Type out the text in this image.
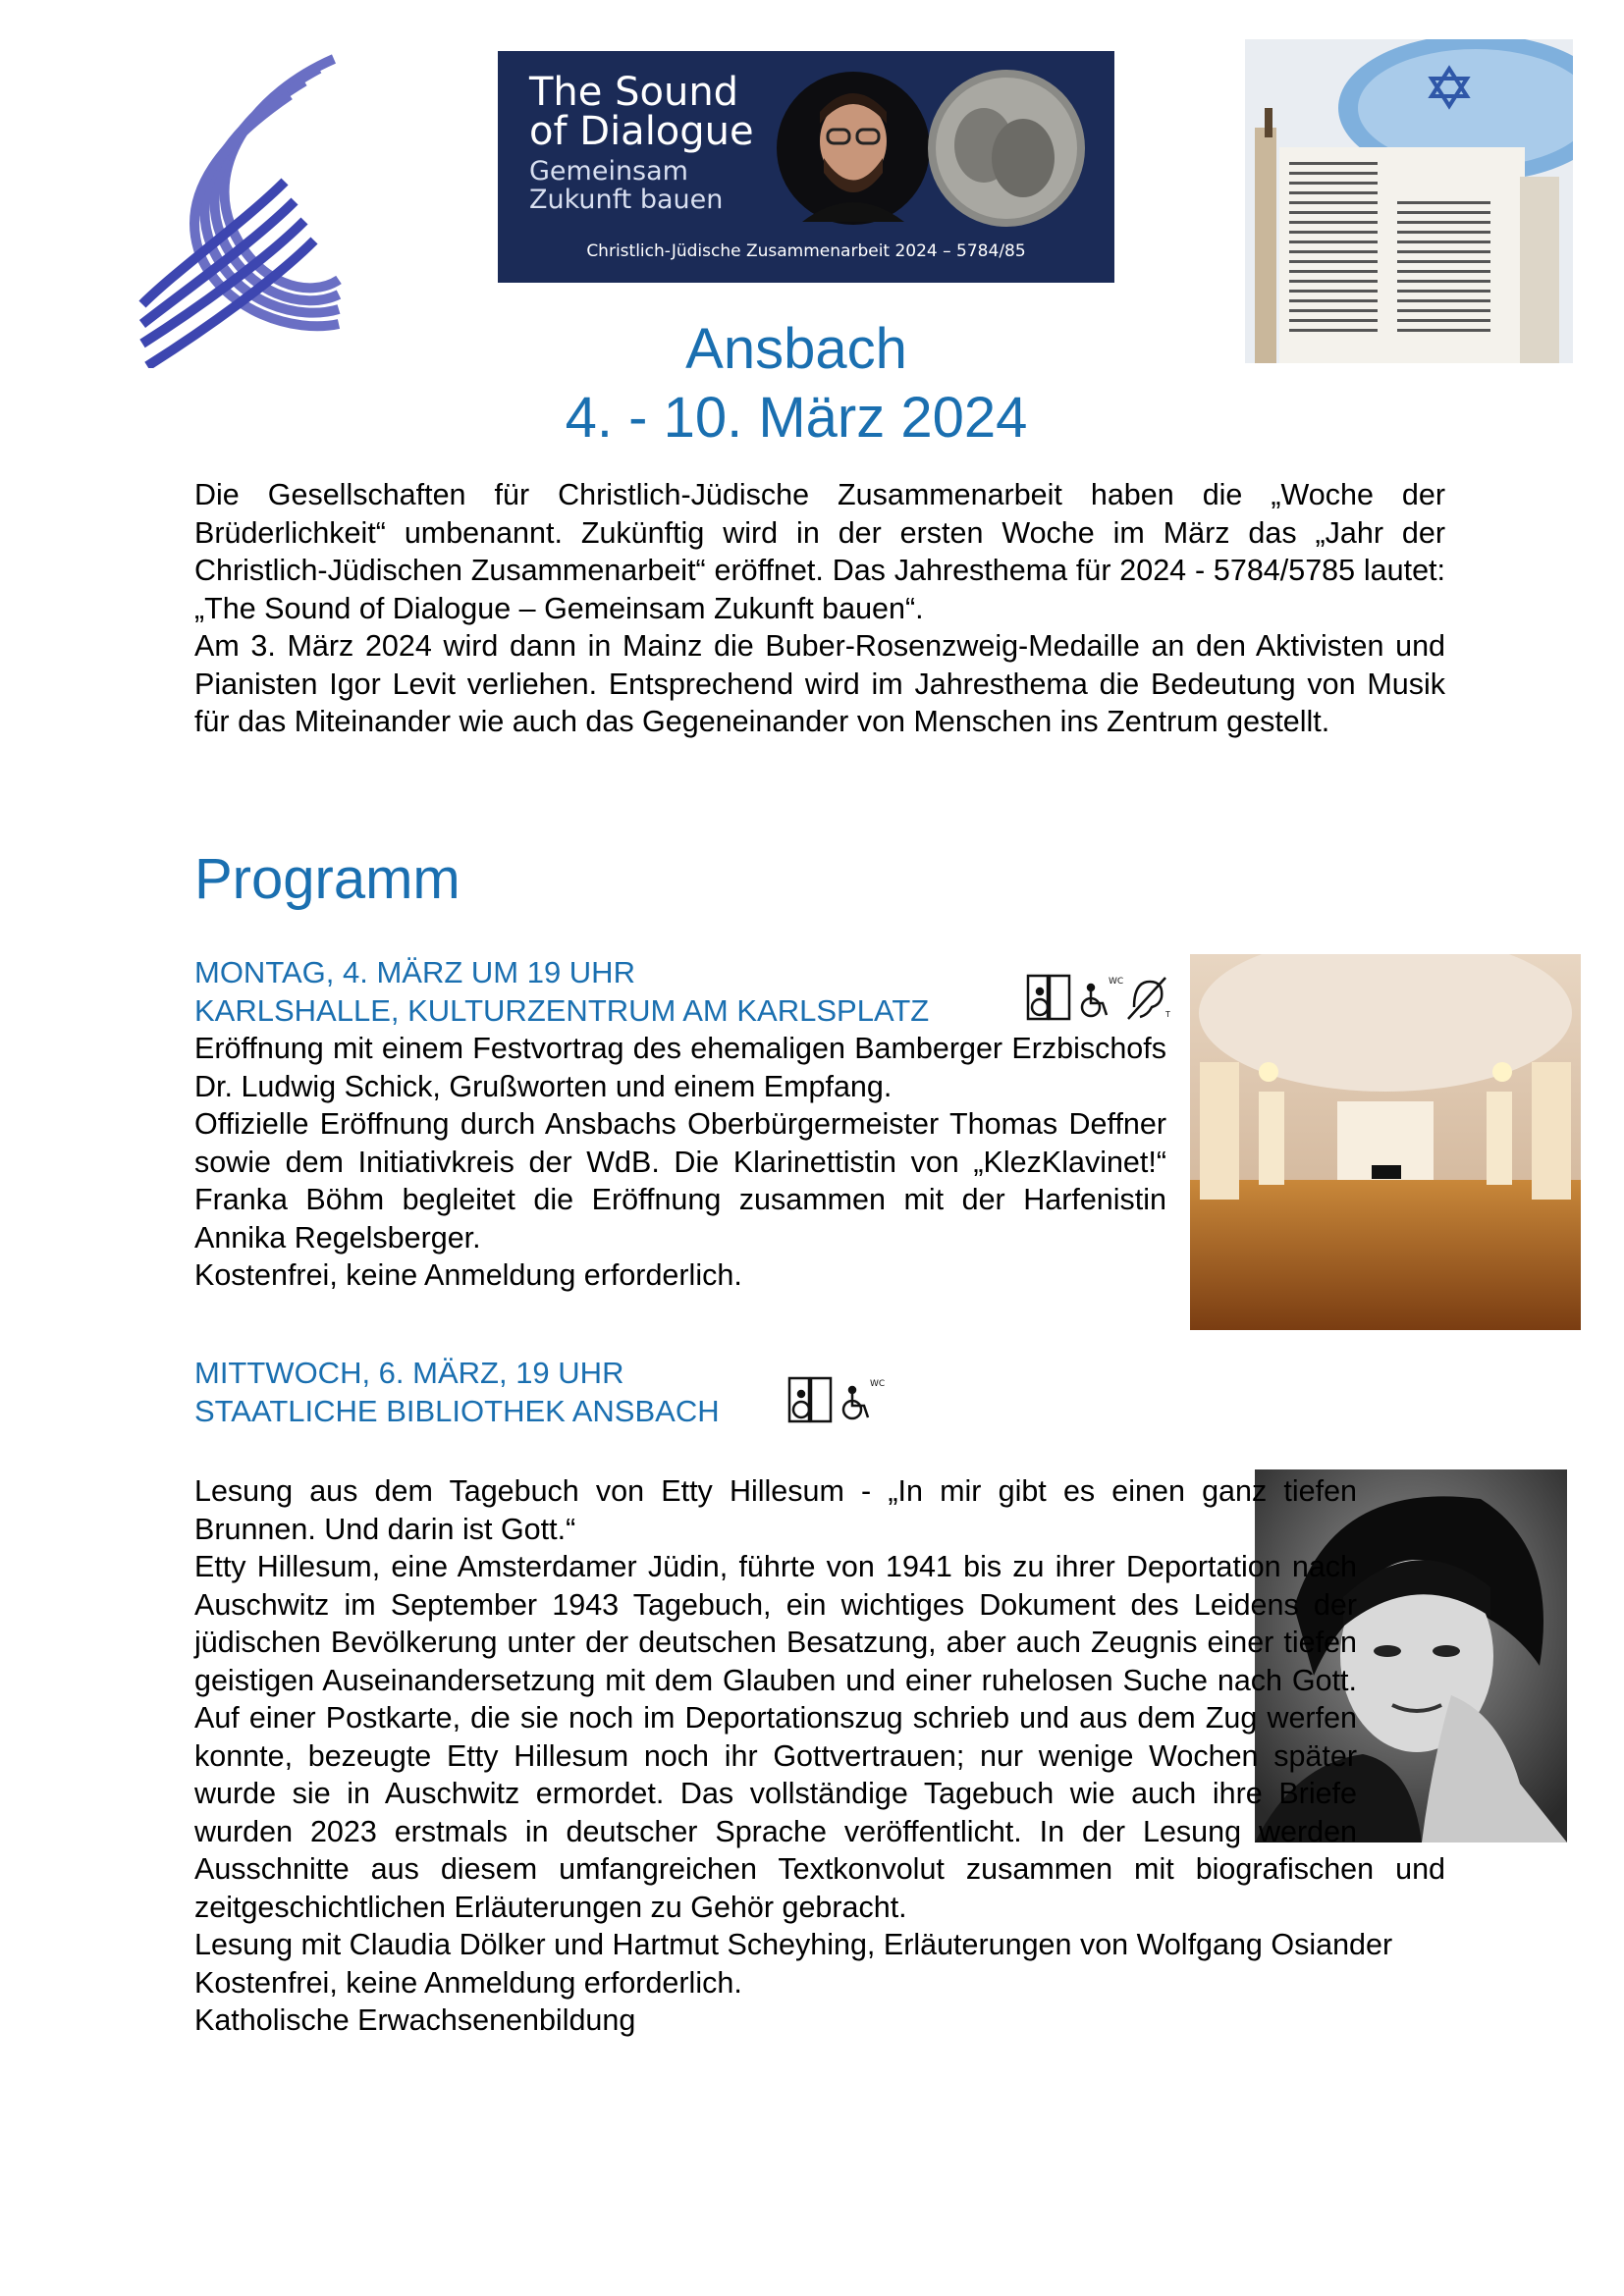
The Sound
of Dialogue
Gemeinsam
Zukunft bauen
Christlich-Jüdische Zusammenarbeit 2024 – 5784/85
Ansbach
4. - 10. März 2024

Die Gesellschaften für Christlich-Jüdische Zusammenarbeit haben die „Woche der Brüderlichkeit“ umbenannt. Zukünftig wird in der ersten Woche im März das „Jahr der Christlich-Jüdischen Zusammenarbeit“ eröffnet. Das Jahresthema für 2024 - 5784/5785 lautet: „The Sound of Dialogue – Gemeinsam Zukunft bauen“.

Am 3. März 2024 wird dann in Mainz die Buber-Rosenzweig-Medaille an den Aktivisten und Pianisten Igor Levit verliehen. Entsprechend wird im Jahresthema die Bedeutung von Musik für das Miteinander wie auch das Gegeneinander von Menschen ins Zentrum gestellt.

Programm
MONTAG, 4. MÄRZ UM 19 UHR
KARLSHALLE, KULTURZENTRUM AM KARLSPLATZ
WC
T

Eröffnung mit einem Festvortrag des ehemaligen Bamberger Erzbischofs Dr. Ludwig Schick, Grußworten und einem Empfang.

Offizielle Eröffnung durch Ansbachs Oberbürgermeister Thomas Deffner sowie dem Initiativkreis der WdB. Die Klarinettistin von „KlezKlavinet!“ Franka Böhm begleitet die Eröffnung zusammen mit der Harfenistin Annika Regelsberger.

Kostenfrei, keine Anmeldung erforderlich.

MITTWOCH, 6. MÄRZ, 19 UHR
STAATLICHE BIBLIOTHEK ANSBACH
WC

Lesung aus dem Tagebuch von Etty Hillesum - „In mir gibt es einen ganz tiefen Brunnen. Und darin ist Gott.“

Etty Hillesum, eine Amsterdamer Jüdin, führte von 1941 bis zu ihrer Deportation nach Auschwitz im September 1943 Tagebuch, ein wichtiges Dokument des Leidens der jüdischen Bevölkerung unter der deutschen Besatzung, aber auch Zeugnis einer tiefen geistigen Auseinandersetzung mit dem Glauben und einer ruhelosen Suche nach Gott. Auf einer Postkarte, die sie noch im Deportationszug schrieb und aus dem Zug werfen konnte, bezeugte Etty Hillesum noch ihr Gottvertrauen; nur wenige Wochen später wurde sie in Auschwitz ermordet. Das vollständige Tagebuch wie auch ihre Briefe wurden 2023 erstmals in deutscher Sprache veröffentlicht. In der Lesung werden Ausschnitte aus diesem umfangreichen Textkonvolut zusammen mit biografischen und zeitgeschichtlichen Erläuterungen zu Gehör gebracht.

Lesung mit Claudia Dölker und Hartmut Scheyhing, Erläuterungen von Wolfgang Osiander

Kostenfrei, keine Anmeldung erforderlich.

Katholische Erwachsenenbildung
